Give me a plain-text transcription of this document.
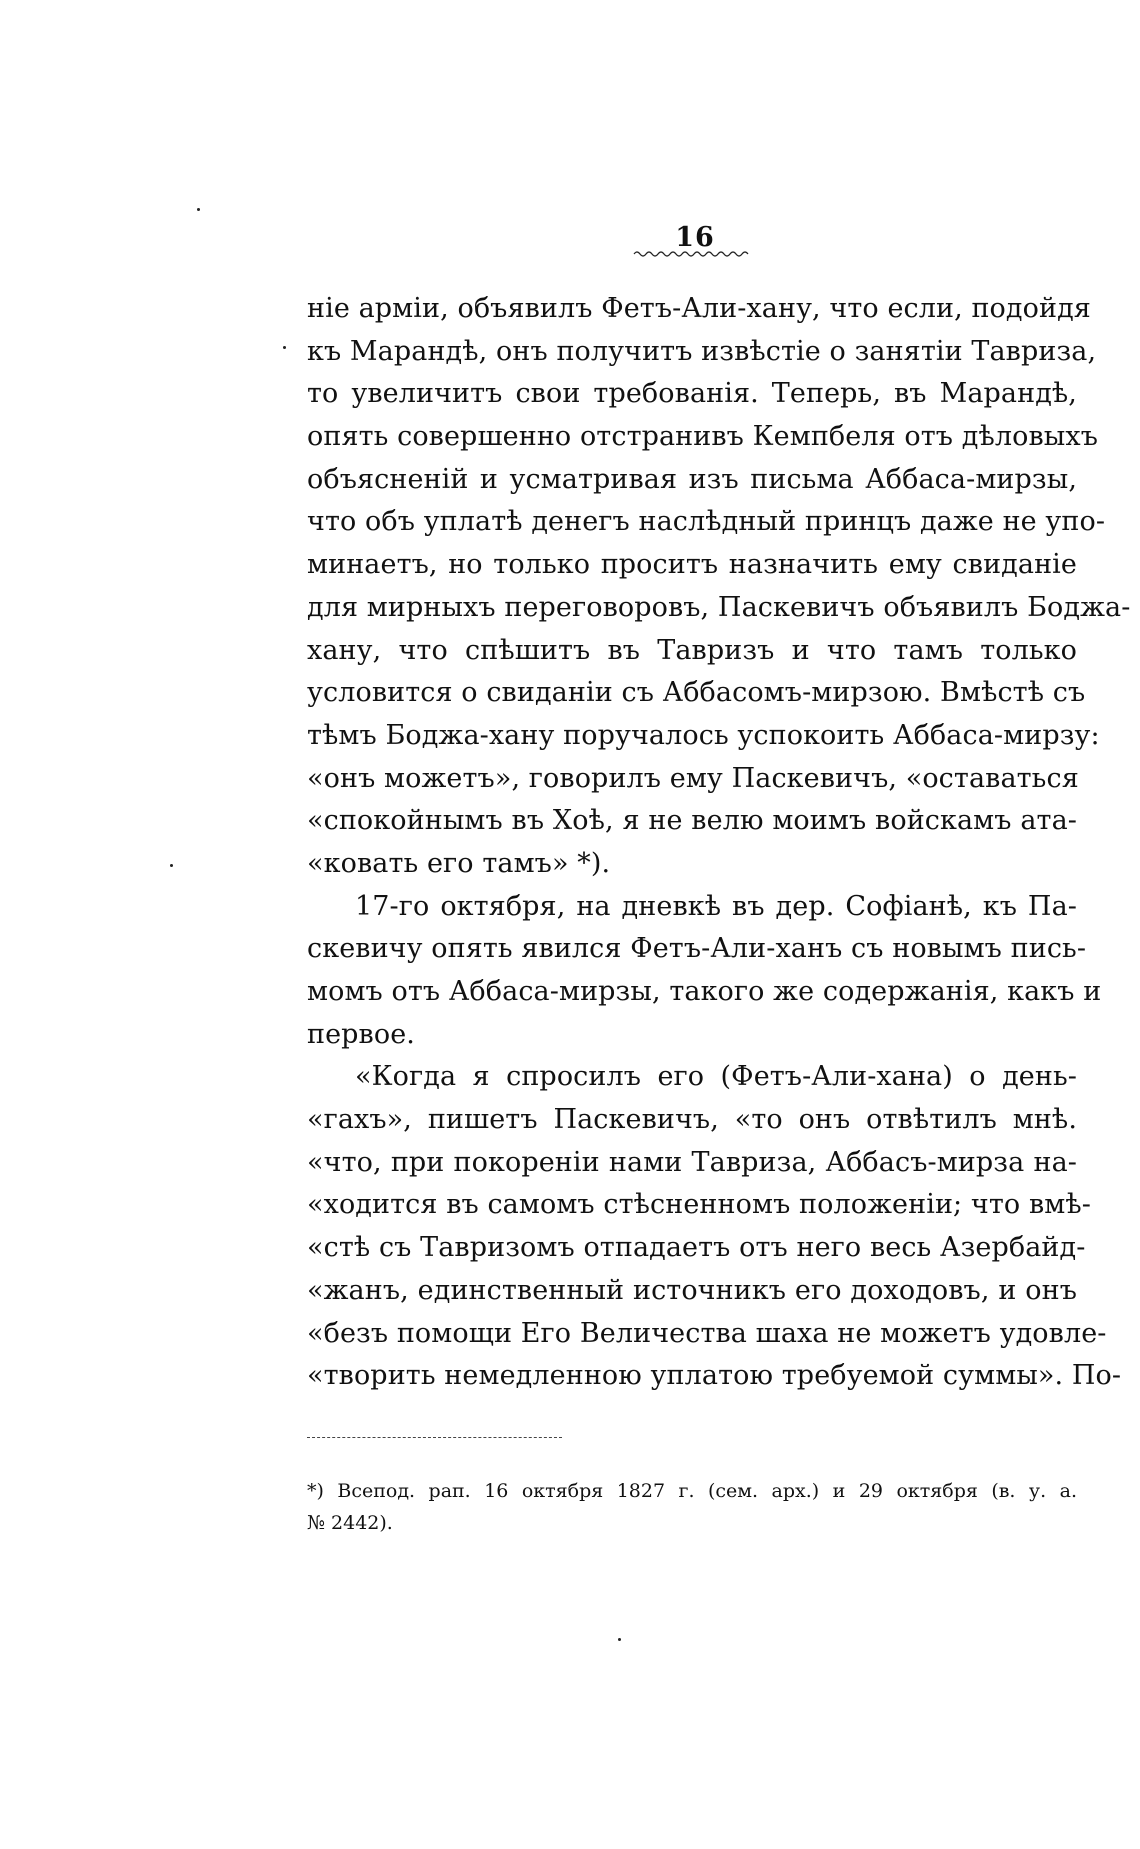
16
ніе арміи, объявилъ Фетъ-Али-хану, что если, подойдя
къ Марандѣ, онъ получитъ извѣстіе о занятіи Тавриза,
то увеличитъ свои требованія. Теперь, въ Марандѣ,
опять совершенно отстранивъ Кемпбеля отъ дѣловыхъ
объясненій и усматривая изъ письма Аббаса-мирзы,
что объ уплатѣ денегъ наслѣдный принцъ даже не упо-
минаетъ, но только проситъ назначить ему свиданіе
для мирныхъ переговоровъ, Паскевичъ объявилъ Боджа-
хану, что спѣшитъ въ Тавризъ и что тамъ только
условится о свиданіи съ Аббасомъ-мирзою. Вмѣстѣ съ
тѣмъ Боджа-хану поручалось успокоить Аббаса-мирзу:
«онъ можетъ», говорилъ ему Паскевичъ, «оставаться
«спокойнымъ въ Хоѣ, я не велю моимъ войскамъ ата-
«ковать его тамъ» *).
17-го октября, на дневкѣ въ дер. Софіанѣ, къ Па-
скевичу опять явился Фетъ-Али-ханъ съ новымъ пись-
момъ отъ Аббаса-мирзы, такого же содержанія, какъ и
первое.
«Когда я спросилъ его (Фетъ-Али-хана) о день-
«гахъ», пишетъ Паскевичъ, «то онъ отвѣтилъ мнѣ.
«что, при покореніи нами Тавриза, Аббасъ-мирза на-
«ходится въ самомъ стѣсненномъ положеніи; что вмѣ-
«стѣ съ Тавризомъ отпадаетъ отъ него весь Азербайд-
«жанъ, единственный источникъ его доходовъ, и онъ
«безъ помощи Его Величества шаха не можетъ удовле-
«творить немедленною уплатою требуемой суммы». По-
*) Всепод. рап. 16 октября 1827 г. (сем. арх.) и 29 октября (в. у. а.
№ 2442).
